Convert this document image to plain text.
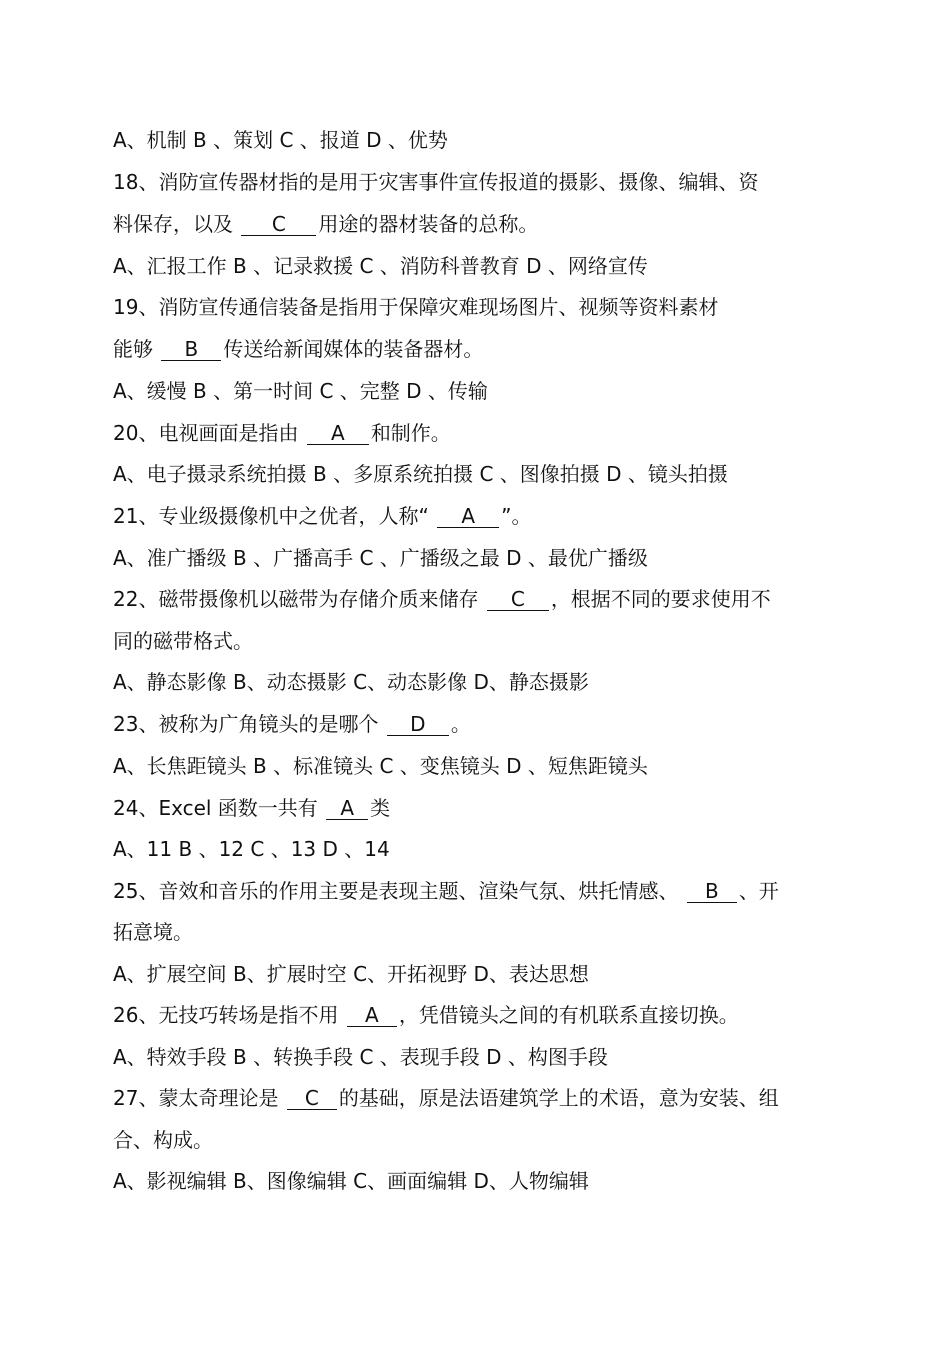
A、机制 B 、策划 C 、报道 D 、优势
18、消防宣传器材指的是用于灾害事件宣传报道的摄影、摄像、编辑、资
料保存，以及 C 用途的器材装备的总称。
A、汇报工作 B 、记录救援 C 、消防科普教育 D 、网络宣传
19、消防宣传通信装备是指用于保障灾难现场图片、视频等资料素材
能够 B 传送给新闻媒体的装备器材。
A、缓慢 B 、第一时间 C 、完整 D 、传输
20、电视画面是指由 A 和制作。
A、电子摄录系统拍摄 B 、多原系统拍摄 C 、图像拍摄 D 、镜头拍摄
21、专业级摄像机中之优者，人称“ A ”。
A、准广播级 B 、广播高手 C 、广播级之最 D 、最优广播级
22、磁带摄像机以磁带为存储介质来储存 C ，根据不同的要求使用不
同的磁带格式。
A、静态影像 B、动态摄影 C、动态影像 D、静态摄影
23、被称为广角镜头的是哪个 D 。
A、长焦距镜头 B 、标准镜头 C 、变焦镜头 D 、短焦距镜头
24、Excel 函数一共有 A 类
A、11 B 、12 C 、13 D 、14
25、音效和音乐的作用主要是表现主题、渲染气氛、烘托情感、 B 、开
拓意境。
A、扩展空间 B、扩展时空 C、开拓视野 D、表达思想
26、无技巧转场是指不用 A ，凭借镜头之间的有机联系直接切换。
A、特效手段 B 、转换手段 C 、表现手段 D 、构图手段
27、蒙太奇理论是 C 的基础，原是法语建筑学上的术语，意为安装、组
合、构成。
A、影视编辑 B、图像编辑 C、画面编辑 D、人物编辑
